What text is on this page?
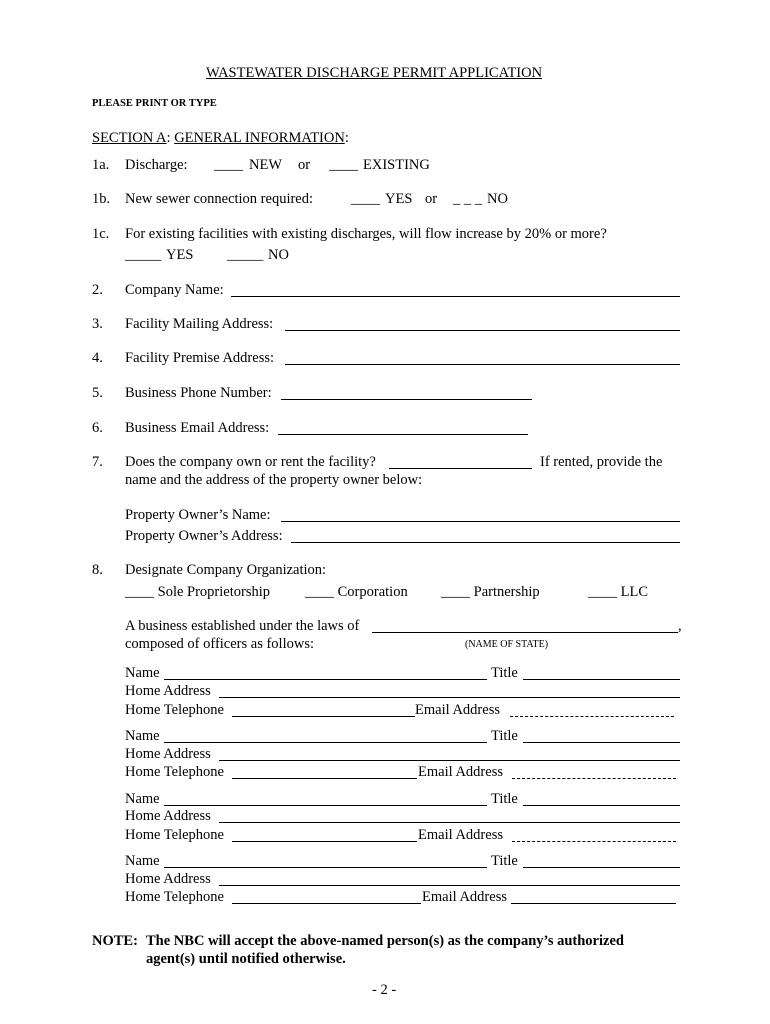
WASTEWATER DISCHARGE PERMIT APPLICATION
PLEASE PRINT OR TYPE
SECTION A: GENERAL INFORMATION:
1a. Discharge: ____ NEW or ____ EXISTING
1b. New sewer connection required:	____ YES or _ _ _ NO
1c. For existing facilities with existing discharges, will flow increase by 20% or more?
_____ YES _____ NO
2. Company Name:
3. Facility Mailing Address:
4. Facility Premise Address:
5. Business Phone Number:
6. Business Email Address:
7. Does the company own or rent the facility?	If rented, provide the
name and the address of the property owner below:
Property Owner’s Name:
Property Owner’s Address:
8. Designate Company Organization:
____ Sole Proprietorship ____ Corporation ____ Partnership	____ LLC
A business established under the laws of	,
composed of officers as follows:	(NAME OF STATE)
Name	Title
Home Address
Home Telephone	Email Address
Name	Title
Home Address
Home Telephone	Email Address
Name	Title
Home Address
Home Telephone	Email Address
Name	Title
Home Address
Home Telephone	Email Address
NOTE: The NBC will accept the above-named person(s) as the company’s authorized
agent(s) until notified otherwise.
- 2 -
